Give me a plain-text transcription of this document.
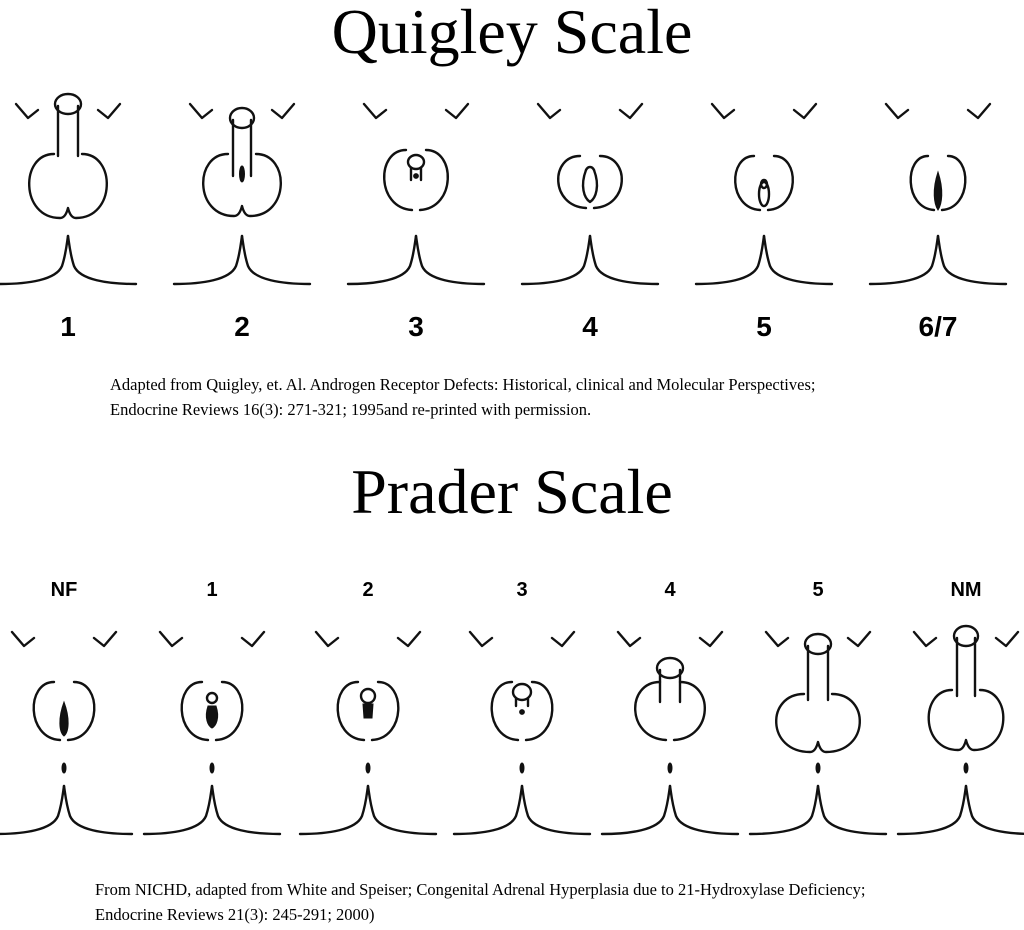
Quigley Scale
1	2	3	4	5	6/7
Adapted from Quigley, et. Al. Androgen Receptor Defects: Historical, clinical and Molecular Perspectives;
Endocrine Reviews 16(3): 271-321; 1995and re-printed with permission.
Prader Scale
NF	1	2	3	4	5	NM
From NICHD, adapted from White and Speiser; Congenital Adrenal Hyperplasia due to 21-Hydroxylase Deficiency;
Endocrine Reviews 21(3): 245-291; 2000)
